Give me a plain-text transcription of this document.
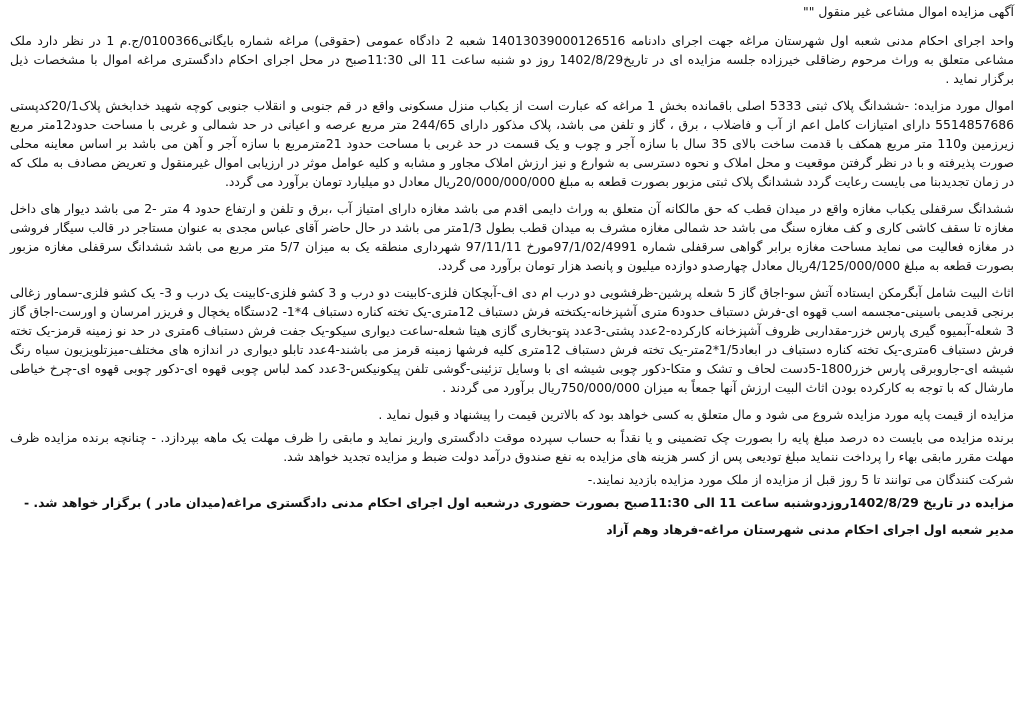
آگهی مزایده اموال مشاعی غیر منقول ""
واحد اجرای احکام مدنی شعبه اول شهرستان مراغه جهت اجرای دادنامه 14013039000126516 شعبه 2 دادگاه عمومی (حقوقی) مراغه شماره بایگانی0100366/ج.م 1 در نظر دارد ملک مشاعی متعلق به وراث مرحوم رضاقلی خیرزاده جلسه مزایده ای در تاریخ1402/8/29 روز دو شنبه ساعت 11 الی 11:30صبح در محل اجرای احکام دادگستری مراغه اموال با مشخصات ذیل برگزار نماید .
اموال مورد مزایده: -ششدانگ پلاک ثبتی 5333 اصلی باقمانده بخش 1 مراغه که عبارت است از یکباب منزل مسکونی واقع در قم جنوبی و انقلاب جنوبی کوچه شهید خدابخش پلاک20/1کدپستی 5514857686 دارای امتیازات کامل اعم از آب و فاضلاب ، برق ، گاز و تلفن می باشد، پلاک مذکور دارای 244/65 متر مربع عرصه و اعیانی در حد شمالی و غربی با مساحت حدود12متر مربع زیرزمین و110 متر مربع همکف با قدمت ساخت بالای 35 سال با سازه آجر و چوب و یک قسمت در حد غربی با مساحت حدود 21مترمربع با سازه آجر و آهن می باشد بر اساس معاینه محلی صورت پذیرفته و با در نظر گرفتن موقعیت و محل املاک و نحوه دسترسی به شوارع و نیز ارزش املاک مجاور و مشابه و کلیه عوامل موثر در ارزیابی اموال غیرمنقول و تعریض مصادف به ملک که در زمان تجدیدبنا می بایست رعایت گردد ششدانگ پلاک ثبتی مزبور بصورت قطعه به مبلغ 20/000/000/000ریال معادل دو میلیارد تومان برآورد می گردد.
ششدانگ سرقفلی یکباب مغازه واقع در میدان قطب که حق مالکانه آن متعلق به وراث دایمی اقدم می باشد مغازه دارای امتیاز آب ،برق و تلفن و ارتفاع حدود 4 متر -2 می باشد دیوار های داخل مغازه تا سقف کاشی کاری و کف مغازه سنگ می باشد حد شمالی مغازه مشرف به میدان قطب بطول 1/3متر می باشد در حال حاضر آقای عباس مجدی به عنوان مستاجر در قالب سیگار فروشی در مغازه فعالیت می نماید مساحت مغازه برابر گواهی سرقفلی شماره 97/1/02/4991مورخ 97/11/11 شهرداری منطقه یک به میزان 5/7 متر مربع می باشد ششدانگ سرقفلی مغازه مزبور بصورت قطعه به مبلغ 4/125/000/000ریال معادل چهارصدو دوازده میلیون و پانصد هزار تومان برآورد می گردد.
اثاث البیت شامل آبگرمکن ایستاده آتش سو-اجاق گاز 5 شعله پرشین-ظرفشویی دو درب ام دی اف-آبچکان فلزی-کابینت دو درب و 3 کشو فلزی-کابینت یک درب و 3- یک کشو فلزی-سماور زغالی برنجی قدیمی باسینی-مجسمه اسب قهوه ای-فرش دستباف حدود6 متری آشپزخانه-یکتخته فرش دستباف 12متری-یک تخته کناره دستباف 4*1- 2دستگاه یخچال و فریزر امرسان و اورست-اجاق گاز 3 شعله-آبمیوه گیری پارس خزر-مقداربی ظروف آشپزخانه کارکرده-2عدد پشتی-3عدد پتو-بخاری گازی هیتا شعله-ساعت دیواری سیکو-یک جفت فرش دستباف 6متری در حد نو زمینه قرمز-یک تخته فرش دستباف 6متری-یک تخته کناره دستباف در ابعاد1/5*2متر-یک تخته فرش دستباف 12متری کلیه فرشها زمینه قرمز می باشند-4عدد تابلو دیواری در اندازه های مختلف-میزتلویزیون سیاه رنگ شیشه ای-جاروبرقی پارس خزر1800-5دست لحاف و تشک و متکا-دکور چوبی شیشه ای با وسایل تزئینی-گوشی تلفن پیکونیکس-3عدد کمد لباس چوبی قهوه ای-دکور چوبی قهوه ای-چرخ خیاطی مارشال که با توجه به کارکرده بودن اثاث البیت ارزش آنها جمعاً به میزان 750/000/000ریال برآورد می گردند .
مزایده از قیمت پایه مورد مزایده شروع می شود و مال متعلق به کسی خواهد بود که بالاترین قیمت را پیشنهاد و قبول نماید .
برنده مزایده می بایست ده درصد مبلغ پایه را بصورت چک تضمینی و یا نقداً به حساب سپرده موقت دادگستری واریز نماید و مابقی را ظرف مهلت یک ماهه بپردازد. - چنانچه برنده مزایده ظرف مهلت مقرر مابقی بهاء را پرداخت ننماید مبلغ تودیعی پس از کسر هزینه های مزایده به نفع صندوق درآمد دولت ضبط و مزایده تجدید خواهد شد.
شرکت کنندگان می توانند تا 5 روز قبل از مزایده از ملک مورد مزایده بازدید نمایند.-
مزایده در تاریخ 1402/8/29روزدوشنبه ساعت 11 الی 11:30صبح بصورت حضوری درشعبه اول اجرای احکام مدنی دادگستری مراغه(میدان مادر ) برگزار خواهد شد. -
مدیر شعبه اول اجرای احکام مدنی شهرستان مراغه-فرهاد وهم آزاد
